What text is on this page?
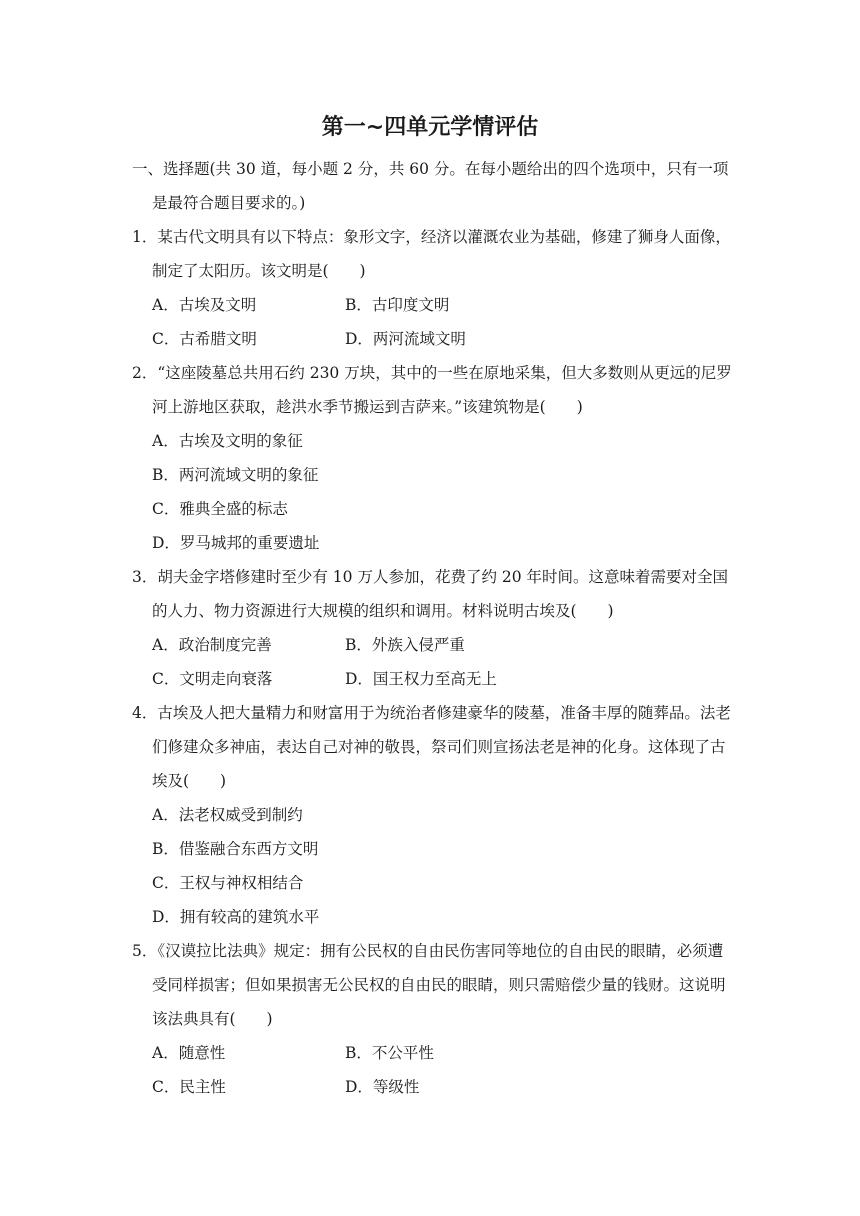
第一~四单元学情评估

一、选择题(共 30 道，每小题 2 分，共 60 分。在每小题给出的四个选项中，只有一项是最符合题目要求的。)

1．某古代文明具有以下特点：象形文字，经济以灌溉农业为基础，修建了狮身人面像，制定了太阳历。该文明是(　　)

A．古埃及文明	B．古印度文明
C．古希腊文明	D．两河流域文明

2．“这座陵墓总共用石约 230 万块，其中的一些在原地采集，但大多数则从更远的尼罗河上游地区获取，趁洪水季节搬运到吉萨来。”该建筑物是(　　)

A．古埃及文明的象征
B．两河流域文明的象征
C．雅典全盛的标志
D．罗马城邦的重要遗址

3．胡夫金字塔修建时至少有 10 万人参加，花费了约 20 年时间。这意味着需要对全国的人力、物力资源进行大规模的组织和调用。材料说明古埃及(　　)

A．政治制度完善	B．外族入侵严重
C．文明走向衰落	D．国王权力至高无上

4．古埃及人把大量精力和财富用于为统治者修建豪华的陵墓，准备丰厚的随葬品。法老们修建众多神庙，表达自己对神的敬畏，祭司们则宣扬法老是神的化身。这体现了古埃及(　　)

A．法老权威受到制约
B．借鉴融合东西方文明
C．王权与神权相结合
D．拥有较高的建筑水平

5．《汉谟拉比法典》规定：拥有公民权的自由民伤害同等地位的自由民的眼睛，必须遭受同样损害；但如果损害无公民权的自由民的眼睛，则只需赔偿少量的钱财。这说明该法典具有(　　)

A．随意性	B．不公平性
C．民主性	D．等级性
